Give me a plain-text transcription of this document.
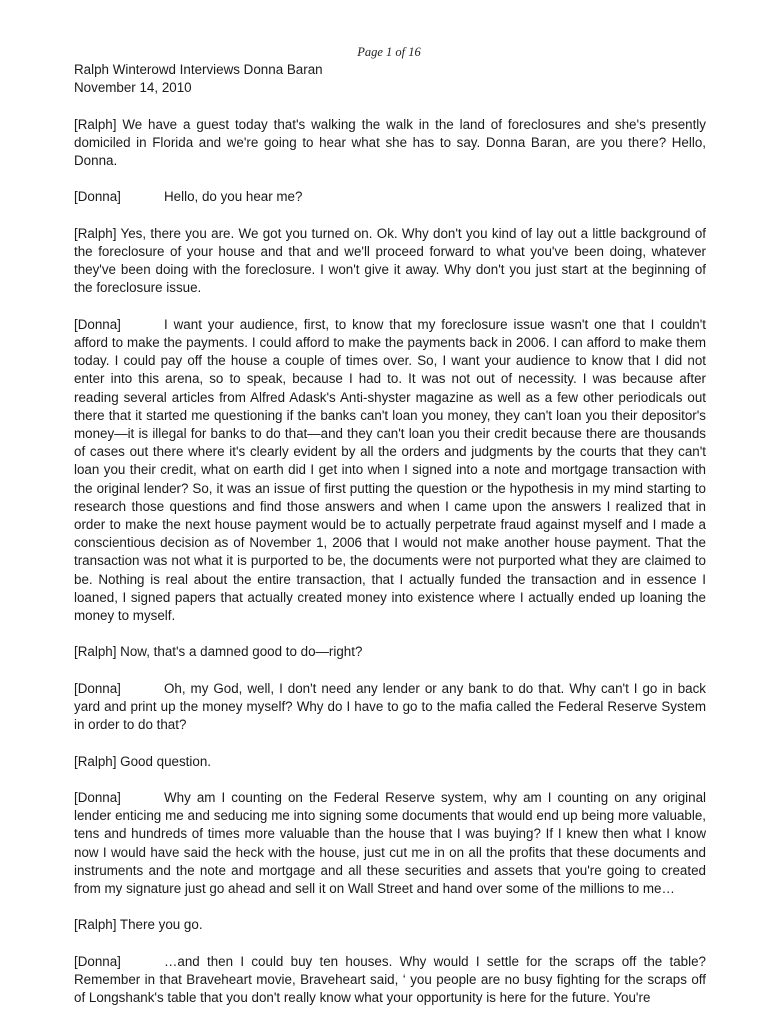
Page 1 of 16

Ralph Winterowd Interviews Donna Baran

November 14, 2010

[Ralph] We have a guest today that's walking the walk in the land of foreclosures and she's presently domiciled in Florida and we're going to hear what she has to say. Donna Baran, are you there? Hello, Donna.

[Donna]	Hello, do you hear me?

[Ralph] Yes, there you are. We got you turned on. Ok. Why don't you kind of lay out a little background of the foreclosure of your house and that and we'll proceed forward to what you've been doing, whatever they've been doing with the foreclosure. I won't give it away. Why don't you just start at the beginning of the foreclosure issue.

[Donna]	I want your audience, first, to know that my foreclosure issue wasn't one that I couldn't afford to make the payments. I could afford to make the payments back in 2006. I can afford to make them today. I could pay off the house a couple of times over. So, I want your audience to know that I did not enter into this arena, so to speak, because I had to. It was not out of necessity. I was because after reading several articles from Alfred Adask's Anti-shyster magazine as well as a few other periodicals out there that it started me questioning if the banks can't loan you money, they can't loan you their depositor's money—it is illegal for banks to do that—and they can't loan you their credit because there are thousands of cases out there where it's clearly evident by all the orders and judgments by the courts that they can't loan you their credit, what on earth did I get into when I signed into a note and mortgage transaction with the original lender? So, it was an issue of first putting the question or the hypothesis in my mind starting to research those questions and find those answers and when I came upon the answers I realized that in order to make the next house payment would be to actually perpetrate fraud against myself and I made a conscientious decision as of November 1, 2006 that I would not make another house payment. That the transaction was not what it is purported to be, the documents were not purported what they are claimed to be. Nothing is real about the entire transaction, that I actually funded the transaction and in essence I loaned, I signed papers that actually created money into existence where I actually ended up loaning the money to myself.

[Ralph] Now, that's a damned good to do—right?

[Donna]	Oh, my God, well, I don't need any lender or any bank to do that. Why can't I go in back yard and print up the money myself? Why do I have to go to the mafia called the Federal Reserve System in order to do that?

[Ralph] Good question.

[Donna]	Why am I counting on the Federal Reserve system, why am I counting on any original lender enticing me and seducing me into signing some documents that would end up being more valuable, tens and hundreds of times more valuable than the house that I was buying? If I knew then what I know now I would have said the heck with the house, just cut me in on all the profits that these documents and instruments and the note and mortgage and all these securities and assets that you're going to created from my signature just go ahead and sell it on Wall Street and hand over some of the millions to me…

[Ralph] There you go.

[Donna]	…and then I could buy ten houses. Why would I settle for the scraps off the table? Remember in that Braveheart movie, Braveheart said, ‘ you people are no busy fighting for the scraps off of Longshank's table that you don't really know what your opportunity is here for the future. You're
